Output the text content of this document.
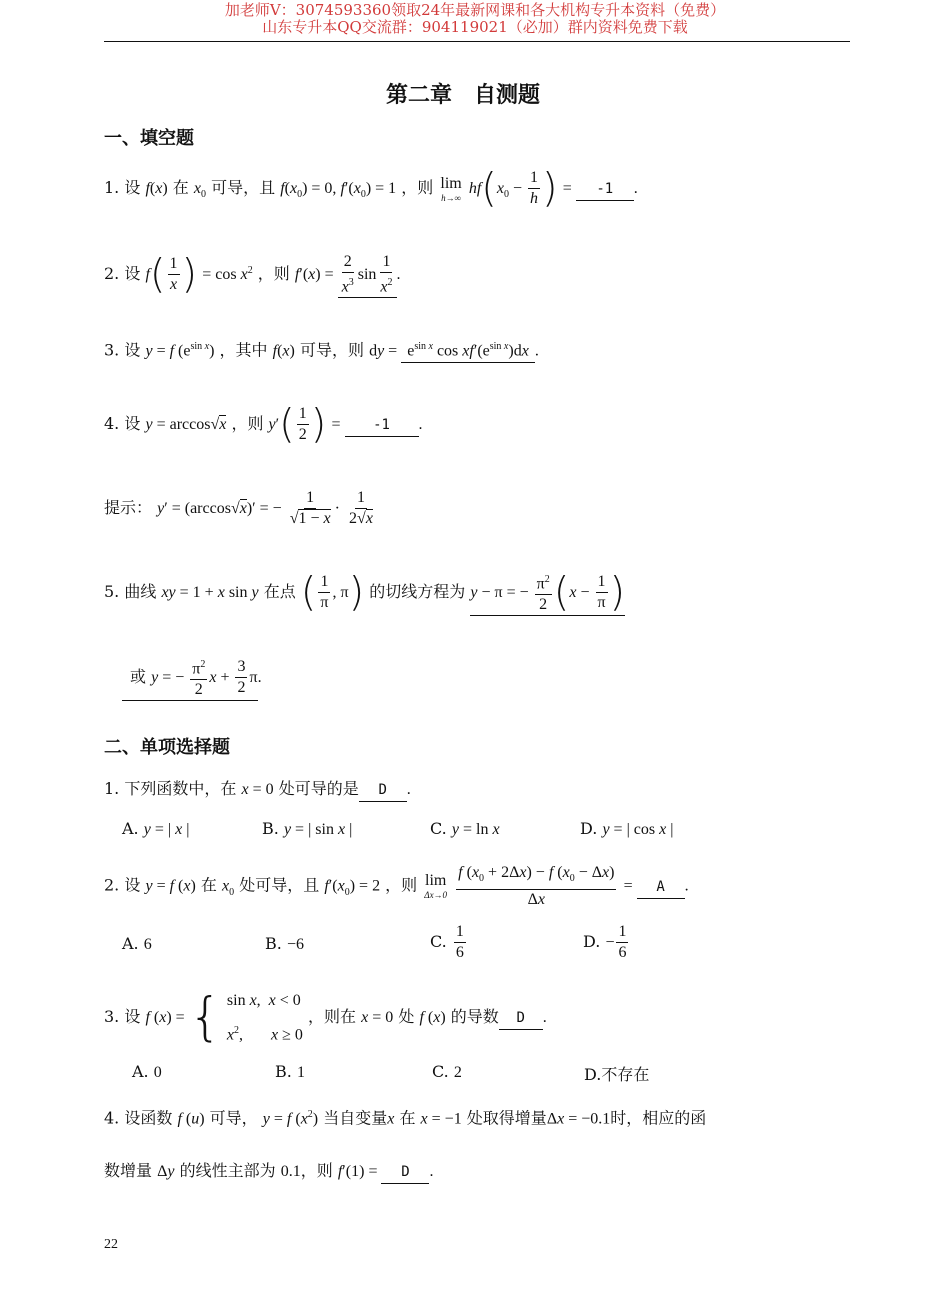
加老师V：3074593360领取24年最新网课和各大机构专升本资料（免费）
山东专升本QQ交流群：904119021（必加）群内资料免费下载
第二章　自测题
一、填空题
1. 设 f(x) 在 $x_0$ 可导，且 $f(x_0) = 0$, $f'(x_0) = 1$ ，则 lim
h→∞
$hf(x_0 - \frac{1}{h}$ ) = -1 .
2. 设 $f( \frac{1}{x}$ ) = $\cos x^2$ ，则 $f'(x) = \frac{2}{x^3}$ $\sin \frac{1}{x^2}$ .
3. 设 y = f $(e^{sin x})$ ，其中 f(x) 可导，则 dy = $e^{sin x}$ $\cos xf'(e^{sin x})dx$ .
4. 设 y = arccos√x ，则 $y'( \frac{1}{2}$ ) = -1 .
提示： y′ = (arccos√x)′ = − $\frac{1}{√1 - x} \cdot \frac{1}{2√x}$
5. 曲线 xy = 1 + x sin y 在点 ( $\frac{1}{\pi}$ , π) 的切线方程为 y − π = − $\frac{\pi^2}{2} (x - \frac{1}{\pi}$ )
或 y = − $\frac{\pi^2}{2}$ $x + \frac{3}{2} \pi$.
二、单项选择题
1. 下列函数中，在 x = 0 处可导的是 D .
A. y = | x |	B. y = | sin x |	C. y = ln x	D. y = | cos x |
2. 设 y = f (x) 在 $x_0$ 处可导，且 $f'(x_0) = 2$ ，则 lim
Δx→0
$\frac{f (x_0 + 2\Delta x) - f (x_0 - \Delta x)}{\Delta x} = A$ .
A. 6	B. −6	C. $\frac{1}{6}$	D. − $\frac{1}{6}$
3. 设 f (x) = { sin x,  x < 0
$x^2$,       x ≥ 0
，则在 x = 0 处 f (x) 的导数 D .
A. 0	B. 1	C. 2	D.不存在
4. 设函数 f (u) 可导， y = f $(x^2)$ 当自变量x 在 x = −1 处取得增量Δx = −0.1时，相应的函
数增量 Δy 的线性主部为 0.1，则 f′(1) = D .
22
